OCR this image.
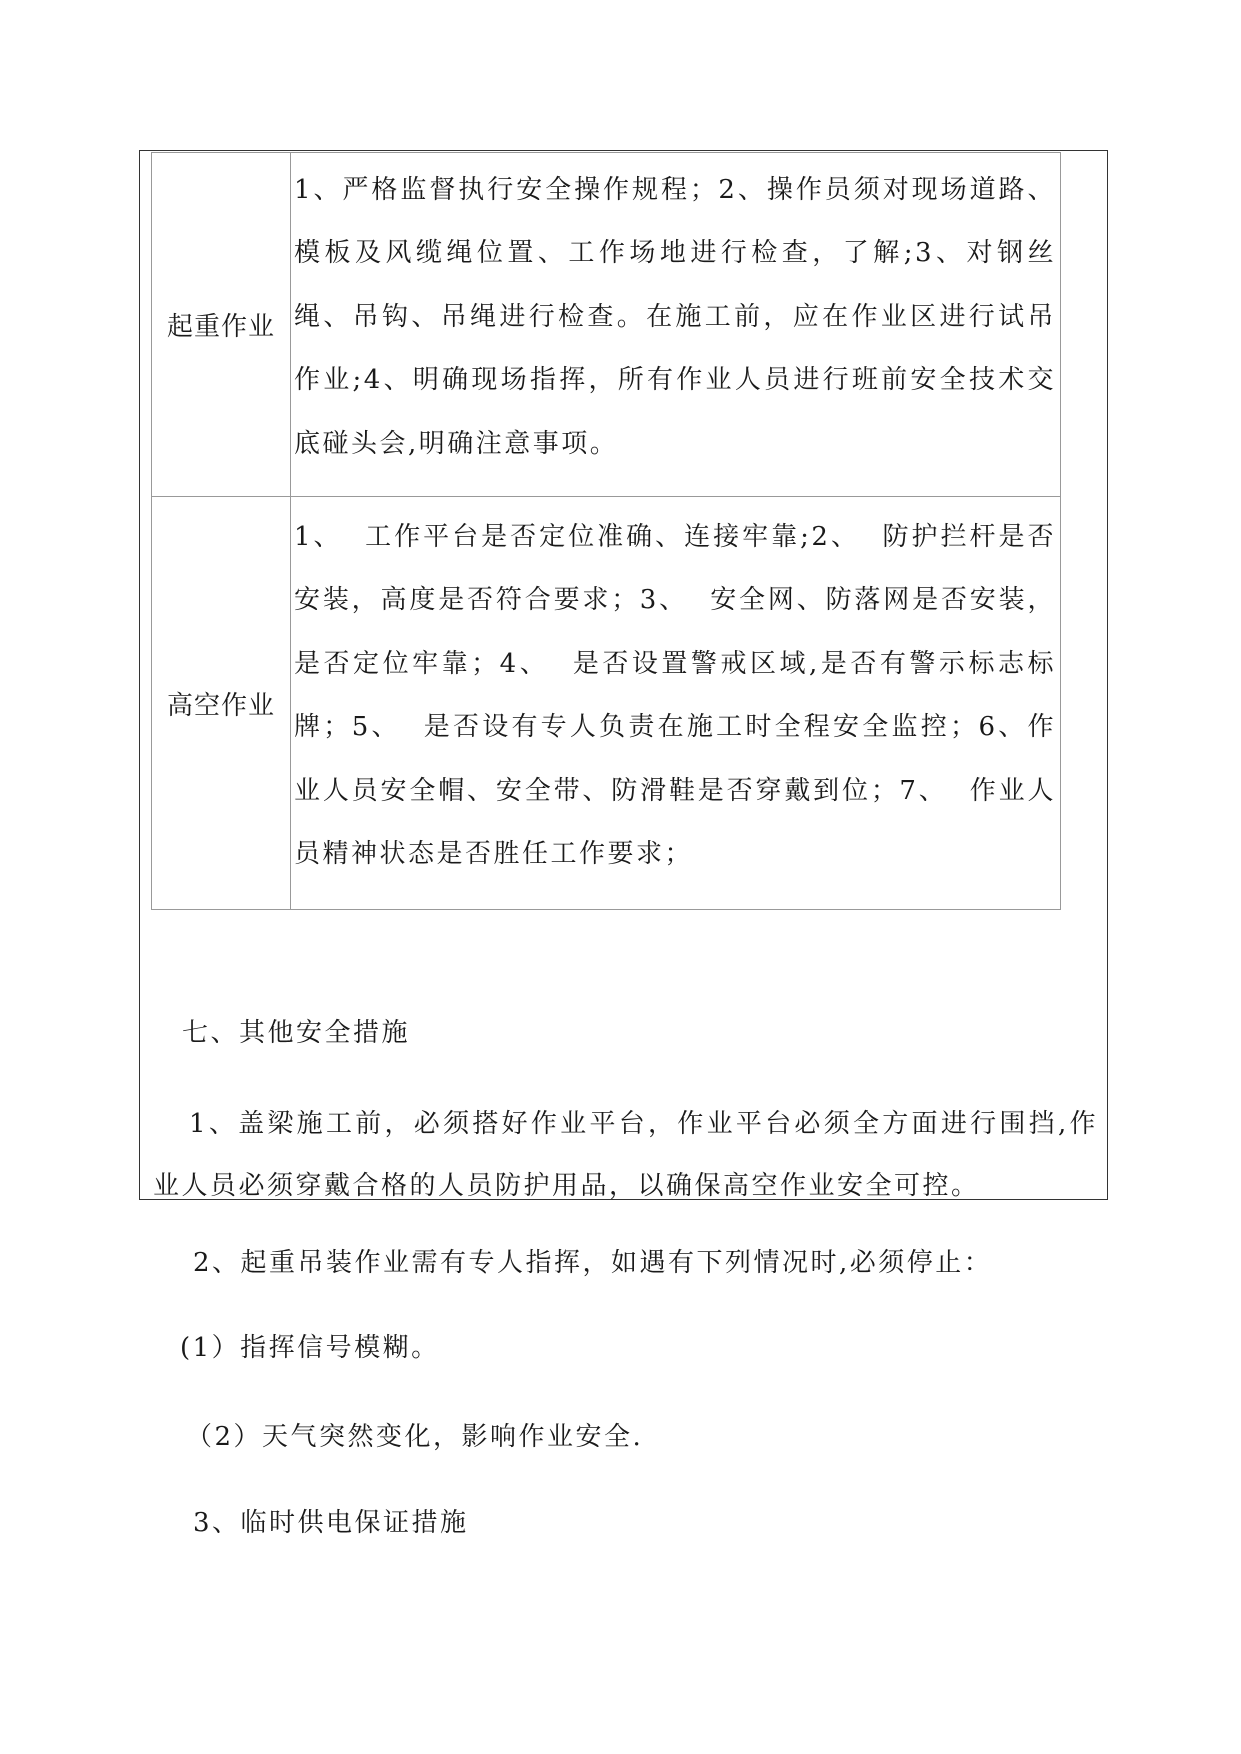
起重作业	1、严格监督执行安全操作规程；2、操作员须对现场道路、模板及风缆绳位置、工作场地进行检查，了解;3、对钢丝绳、吊钩、吊绳进行检查。在施工前，应在作业区进行试吊作业;4、明确现场指挥，所有作业人员进行班前安全技术交底碰头会,明确注意事项。
高空作业	1、  工作平台是否定位准确、连接牢靠;2、  防护拦杆是否安装，高度是否符合要求；3、  安全网、防落网是否安装，是否定位牢靠；4、  是否设置警戒区域,是否有警示标志标牌；5、  是否设有专人负责在施工时全程安全监控；6、作业人员安全帽、安全带、防滑鞋是否穿戴到位；7、  作业人员精神状态是否胜任工作要求；

七、其他安全措施

1、盖梁施工前，必须搭好作业平台，作业平台必须全方面进行围挡,作业人员必须穿戴合格的人员防护用品，以确保高空作业安全可控。

2、起重吊装作业需有专人指挥，如遇有下列情况时,必须停止：

(1）指挥信号模糊。

（2）天气突然变化，影响作业安全.

3、临时供电保证措施
